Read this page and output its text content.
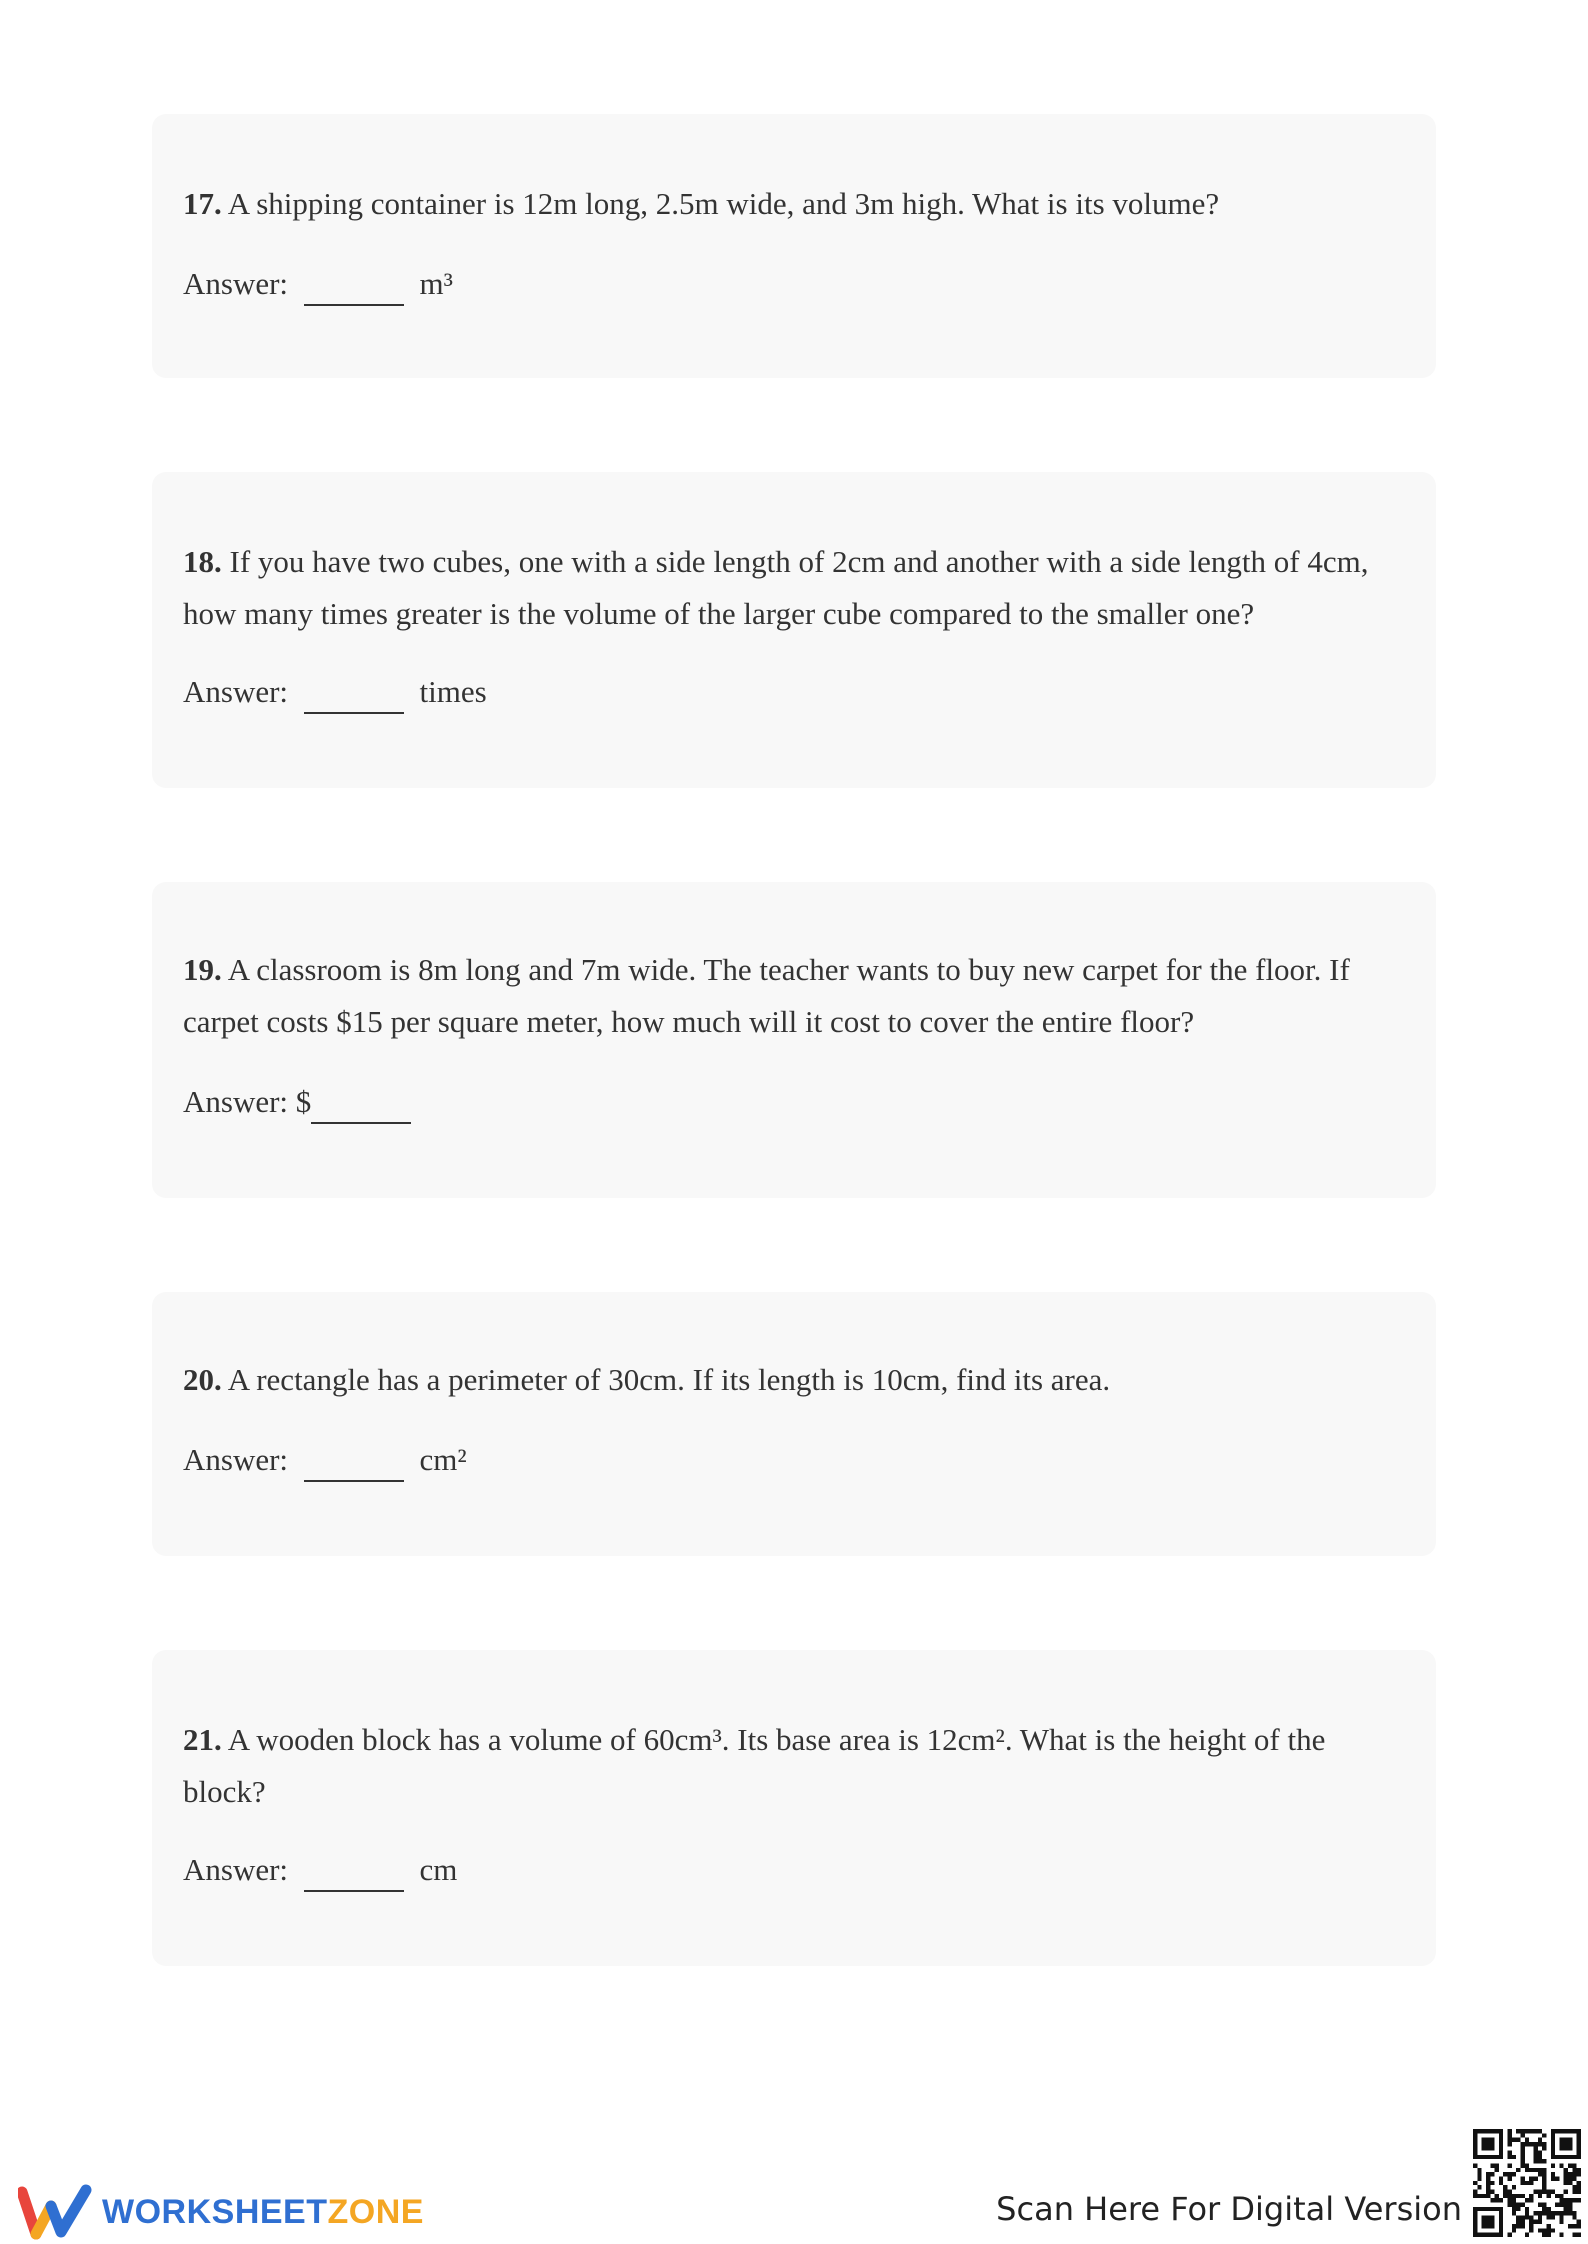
17. A shipping container is 12m long, 2.5m wide, and 3m high. What is its volume?

Answer:	m³

18. If you have two cubes, one with a side length of 2cm and another with a side length of 4cm, how many times greater is the volume of the larger cube compared to the smaller one?

Answer:	times

19. A classroom is 8m long and 7m wide. The teacher wants to buy new carpet for the floor. If carpet costs $15 per square meter, how much will it cost to cover the entire floor?

Answer: $

20. A rectangle has a perimeter of 30cm. If its length is 10cm, find its area.

Answer:	cm²

21. A wooden block has a volume of 60cm³. Its base area is 12cm². What is the height of the block?

Answer:	cm
WORKSHEETZONE	Scan Here For Digital Version
